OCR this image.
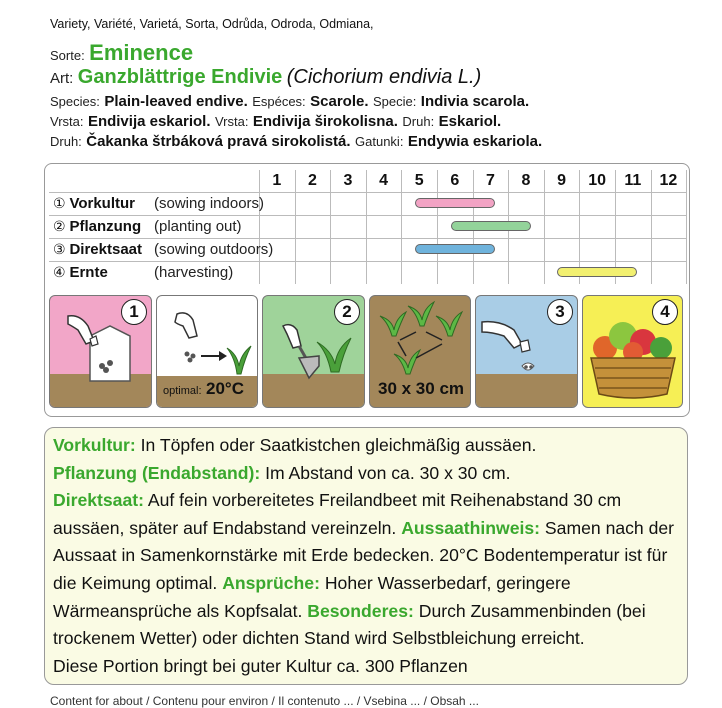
Variety, Variété, Varietá, Sorta, Odrůda, Odroda, Odmiana,
Sorte: Eminence
Art: Ganzblättrige Endivie (Cichorium endivia L.)
Species: Plain-leaved endive. Espéces: Scarole. Specie: Indivia scarola.
Vrsta: Endivija eskariol. Vrsta: Endivija širokolisna. Druh: Eskariol.
Druh: Čakanka štrbáková pravá sirokolistá. Gatunki: Endywia eskariola.
1	2	3	4	5	6	7	8	9	10	11	12
① Vorkultur (sowing indoors)
② Pflanzung (planting out)
③ Direktsaat (sowing outdoors)
④ Ernte	(harvesting)
1
optimal: 20°C
2
30 x 30 cm
3	4
Vorkultur: In Töpfen oder Saatkistchen gleichmäßig aussäen.
Pflanzung (Endabstand): Im Abstand von ca. 30 x 30 cm.
Direktsaat: Auf fein vorbereitetes Freilandbeet mit Reihenabstand 30 cm aussäen, später auf Endabstand vereinzeln. Aussaathinweis: Samen nach der Aussaat in Samenkornstärke mit Erde bedecken. 20°C Bodentemperatur ist für die Keimung optimal. Ansprüche: Hoher Wasserbedarf, geringere Wärmeansprüche als Kopfsalat. Besonderes: Durch Zusammenbinden (bei trockenem Wetter) oder dichten Stand wird Selbstbleichung erreicht.
Diese Portion bringt bei guter Kultur ca. 300 Pflanzen
Content for about / Contenu pour environ / Il contenuto ... / Vsebina ... / Obsah ...
